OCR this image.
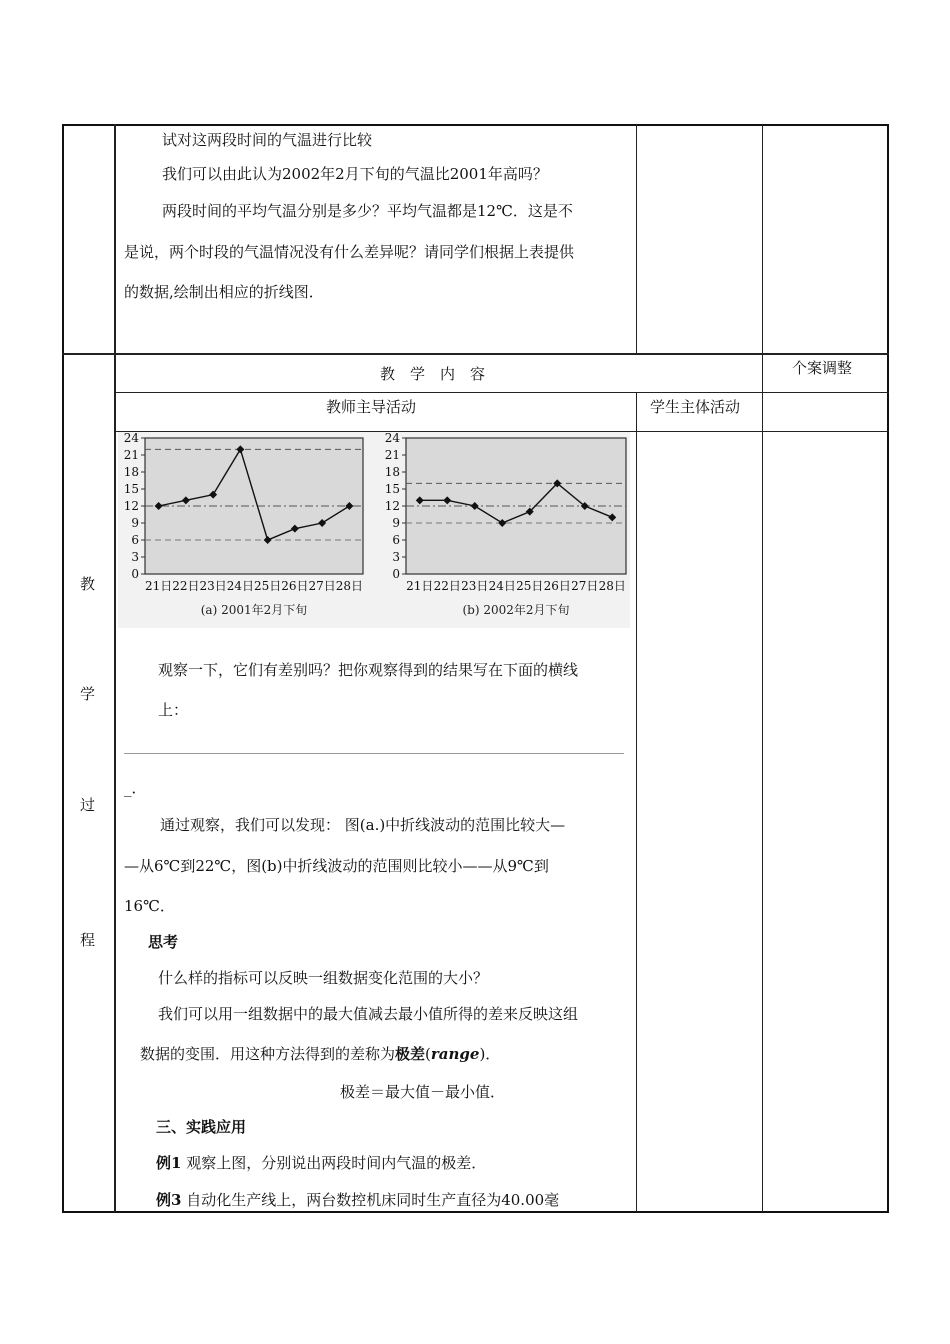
试对这两段时间的气温进行比较
我们可以由此认为2002年2月下旬的气温比2001年高吗？
两段时间的平均气温分别是多少？平均气温都是12℃．这是不
是说，两个时段的气温情况没有什么差异呢？请同学们根据上表提供
的数据,绘制出相应的折线图．
教　学　内　容	个案调整
教师主导活动	学生主体活动
教
学
过
程
0
3
6
9
12
15
18
21
24
21日 22日 23日 24日 25日 26日 27日 28日
(a) 2001年2月下旬
0
3
6
9
12
15
18
21
24
21日 22日 23日 24日 25日 26日 27日 28日
(b) 2002年2月下旬
观察一下，它们有差别吗？把你观察得到的结果写在下面的横线
上：
_．
通过观察，我们可以发现： 图(a.)中折线波动的范围比较大—
—从6℃到22℃，图(b)中折线波动的范围则比较小——从9℃到
16℃．
思考
什么样的指标可以反映一组数据变化范围的大小？
我们可以用一组数据中的最大值减去最小值所得的差来反映这组
数据的变围．用这种方法得到的差称为极差(range)．
极差＝最大值－最小值．
三、实践应用
例1 观察上图，分别说出两段时间内气温的极差．
例3 自动化生产线上，两台数控机床同时生产直径为40.00毫
